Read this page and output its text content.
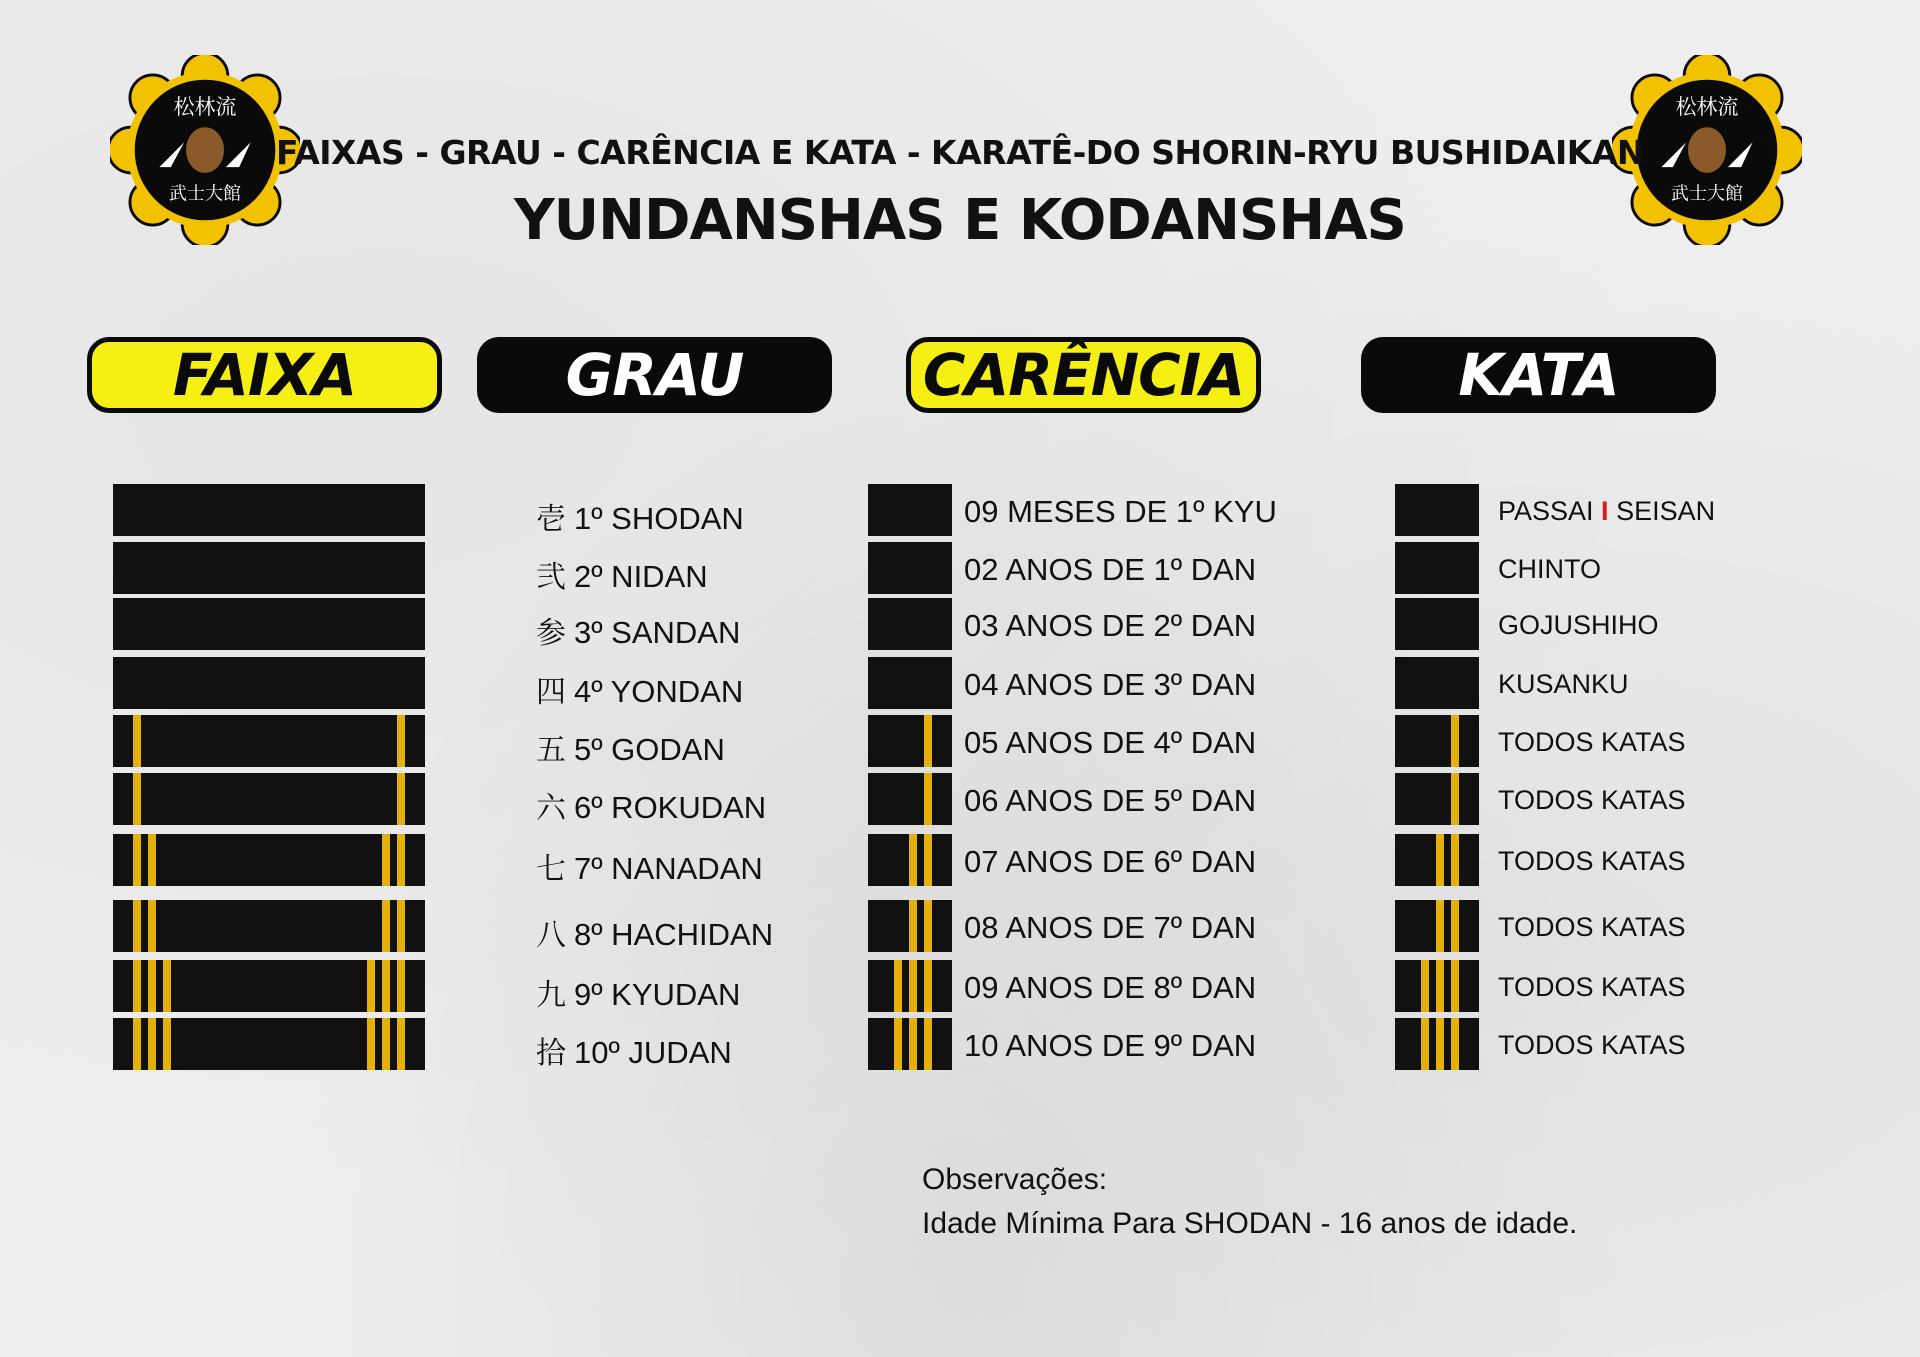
松林流
武士大館
松林流
武士大館
FAIXAS - GRAU - CARÊNCIA E KATA - KARATÊ-DO SHORIN-RYU BUSHIDAIKAN
YUNDANSHAS E KODANSHAS
FAIXA	GRAU	CARÊNCIA	KATA
壱 1º SHODAN	09 MESES DE 1º KYU	PASSAI I SEISAN
弐 2º NIDAN	02 ANOS DE 1º DAN	CHINTO
参 3º SANDAN	03 ANOS DE 2º DAN	GOJUSHIHO
四 4º YONDAN	04 ANOS DE 3º DAN	KUSANKU
五 5º GODAN	05 ANOS DE 4º DAN	TODOS KATAS
六 6º ROKUDAN	06 ANOS DE 5º DAN	TODOS KATAS
七 7º NANADAN	07 ANOS DE 6º DAN	TODOS KATAS
八 8º HACHIDAN	08 ANOS DE 7º DAN	TODOS KATAS
九 9º KYUDAN	09 ANOS DE 8º DAN	TODOS KATAS
拾 10º JUDAN	10 ANOS DE 9º DAN	TODOS KATAS
Observações:
Idade Mínima Para SHODAN - 16 anos de idade.
